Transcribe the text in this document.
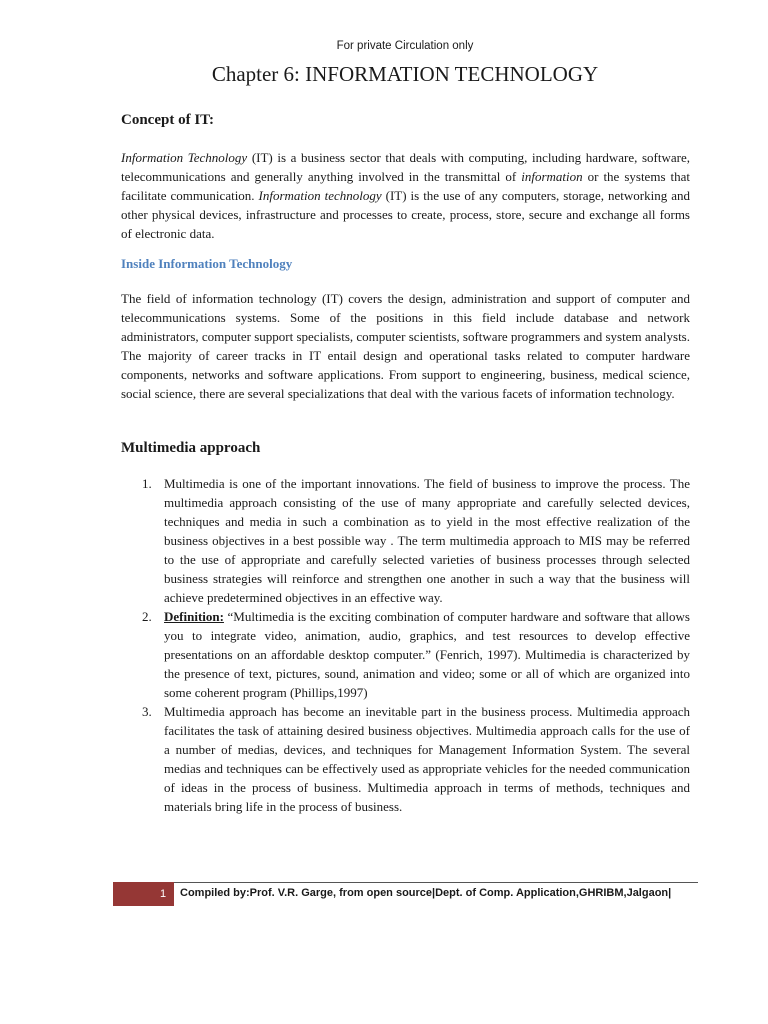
For private Circulation only
Chapter 6: INFORMATION TECHNOLOGY
Concept of IT:

Information Technology (IT) is a business sector that deals with computing, including hardware, software, telecommunications and generally anything involved in the transmittal of information or the systems that facilitate communication. Information technology (IT) is the use of any computers, storage, networking and other physical devices, infrastructure and processes to create, process, store, secure and exchange all forms of electronic data.

Inside Information Technology

The field of information technology (IT) covers the design, administration and support of computer and telecommunications systems. Some of the positions in this field include database and network administrators, computer support specialists, computer scientists, software programmers and system analysts. The majority of career tracks in IT entail design and operational tasks related to computer hardware components, networks and software applications. From support to engineering, business, medical science, social science, there are several specializations that deal with the various facets of information technology.

Multimedia approach
1. Multimedia is one of the important innovations. The field of business to improve the process. The multimedia approach consisting of the use of many appropriate and carefully selected devices, techniques and media in such a combination as to yield in the most effective realization of the business objectives in a best possible way . The term multimedia approach to MIS may be referred to the use of appropriate and carefully selected varieties of business processes through selected business strategies will reinforce and strengthen one another in such a way that the business will achieve predetermined objectives in an effective way.
2. Definition: “Multimedia is the exciting combination of computer hardware and software that allows you to integrate video, animation, audio, graphics, and test resources to develop effective presentations on an affordable desktop computer.” (Fenrich, 1997). Multimedia is characterized by the presence of text, pictures, sound, animation and video; some or all of which are organized into some coherent program (Phillips,1997)
3. Multimedia approach has become an inevitable part in the business process. Multimedia approach facilitates the task of attaining desired business objectives. Multimedia approach calls for the use of a number of medias, devices, and techniques for Management Information System. The several medias and techniques can be effectively used as appropriate vehicles for the needed communication of ideas in the process of business. Multimedia approach in terms of methods, techniques and materials bring life in the process of business.
1 Compiled by:Prof. V.R. Garge, from open source|Dept. of Comp. Application,GHRIBM,Jalgaon|
